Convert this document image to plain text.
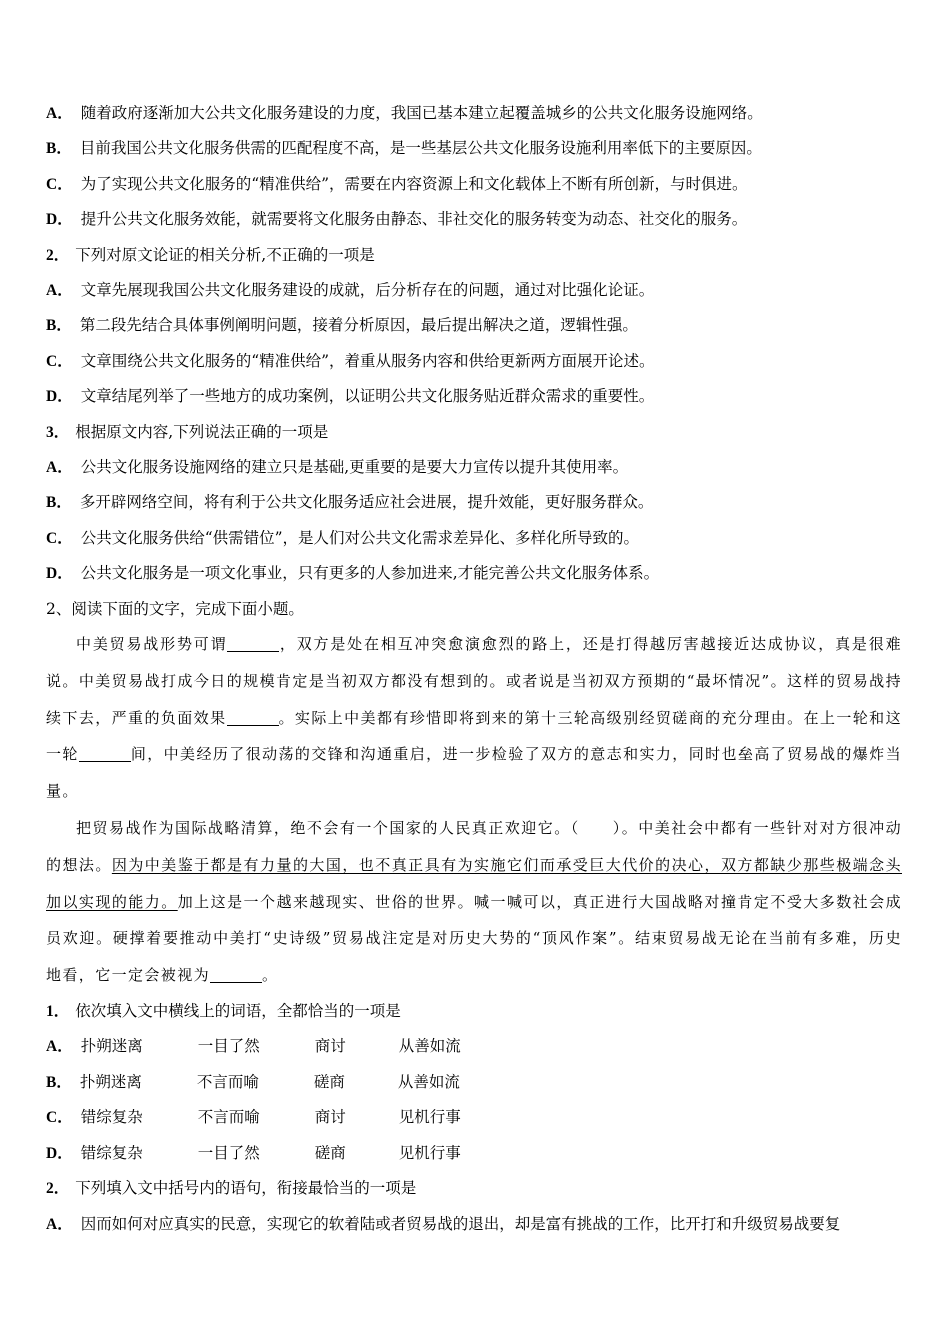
A． 随着政府逐渐加大公共文化服务建设的力度，我国已基本建立起覆盖城乡的公共文化服务设施网络。
B． 目前我国公共文化服务供需的匹配程度不高，是一些基层公共文化服务设施利用率低下的主要原因。
C． 为了实现公共文化服务的“精准供给”，需要在内容资源上和文化载体上不断有所创新，与时俱进。
D． 提升公共文化服务效能，就需要将文化服务由静态、非社交化的服务转变为动态、社交化的服务。
2． 下列对原文论证的相关分析,不正确的一项是
A． 文章先展现我国公共文化服务建设的成就，后分析存在的问题，通过对比强化论证。
B． 第二段先结合具体事例阐明问题，接着分析原因，最后提出解决之道，逻辑性强。
C． 文章围绕公共文化服务的“精准供给”，着重从服务内容和供给更新两方面展开论述。
D． 文章结尾列举了一些地方的成功案例，以证明公共文化服务贴近群众需求的重要性。
3． 根据原文内容,下列说法正确的一项是
A． 公共文化服务设施网络的建立只是基础,更重要的是要大力宣传以提升其使用率。
B． 多开辟网络空间，将有利于公共文化服务适应社会进展，提升效能，更好服务群众。
C． 公共文化服务供给“供需错位”，是人们对公共文化需求差异化、多样化所导致的。
D． 公共文化服务是一项文化事业，只有更多的人参加进来,才能完善公共文化服务体系。
2、阅读下面的文字，完成下面小题。

中美贸易战形势可谓	，双方是处在相互冲突愈演愈烈的路上，还是打得越厉害越接近达成协议，真是很难说。中美贸易战打成今日的规模肯定是当初双方都没有想到的。或者说是当初双方预期的“最坏情况”。这样的贸易战持续下去，严重的负面效果	。实际上中美都有珍惜即将到来的第十三轮高级别经贸磋商的充分理由。在上一轮和这一轮	间，中美经历了很动荡的交锋和沟通重启，进一步检验了双方的意志和实力，同时也垒高了贸易战的爆炸当量。

把贸易战作为国际战略清算，绝不会有一个国家的人民真正欢迎它。（　　）。中美社会中都有一些针对对方很冲动的想法。因为中美鉴于都是有力量的大国，也不真正具有为实施它们而承受巨大代价的决心，双方都缺少那些极端念头加以实现的能力。加上这是一个越来越现实、世俗的世界。喊一喊可以，真正进行大国战略对撞肯定不受大多数社会成员欢迎。硬撑着要推动中美打“史诗级”贸易战注定是对历史大势的“顶风作案”。结束贸易战无论在当前有多难，历史地看，它一定会被视为	。

1． 依次填入文中横线上的词语，全都恰当的一项是
A． 扑朔迷离	一目了然	商讨	从善如流
B． 扑朔迷离	不言而喻	磋商	从善如流
C． 错综复杂	不言而喻	商讨	见机行事
D． 错综复杂	一目了然	磋商	见机行事
2． 下列填入文中括号内的语句，衔接最恰当的一项是
A． 因而如何对应真实的民意，实现它的软着陆或者贸易战的退出，却是富有挑战的工作，比开打和升级贸易战要复
